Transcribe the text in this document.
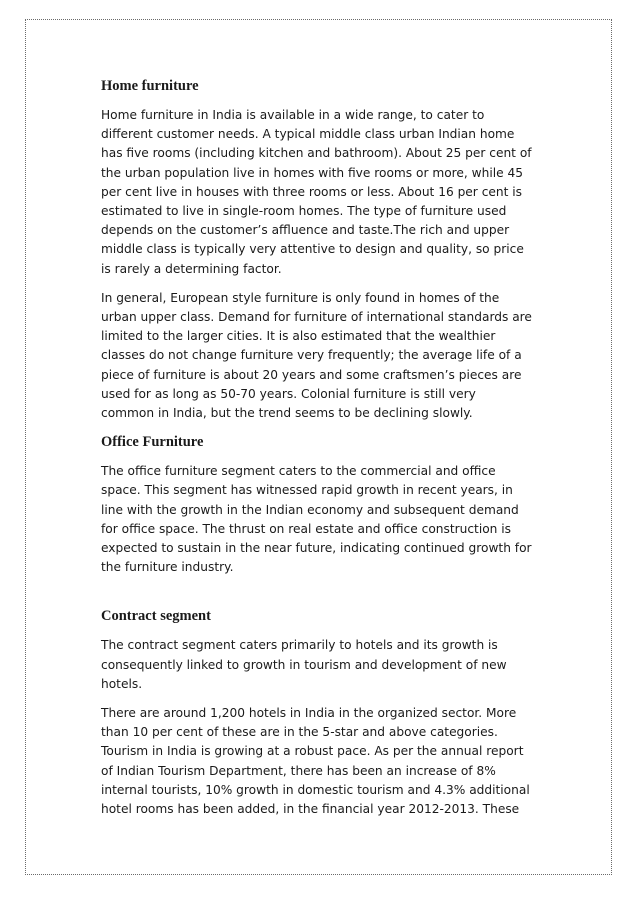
Home furniture

Home furniture in India is available in a wide range, to cater to
different customer needs. A typical middle class urban Indian home
has five rooms (including kitchen and bathroom). About 25 per cent of
the urban population live in homes with five rooms or more, while 45
per cent live in houses with three rooms or less. About 16 per cent is
estimated to live in single-room homes. The type of furniture used
depends on the customer’s affluence and taste.The rich and upper
middle class is typically very attentive to design and quality, so price
is rarely a determining factor.

In general, European style furniture is only found in homes of the
urban upper class. Demand for furniture of international standards are
limited to the larger cities. It is also estimated that the wealthier
classes do not change furniture very frequently; the average life of a
piece of furniture is about 20 years and some craftsmen’s pieces are
used for as long as 50-70 years. Colonial furniture is still very
common in India, but the trend seems to be declining slowly.

Office Furniture

The office furniture segment caters to the commercial and office
space. This segment has witnessed rapid growth in recent years, in
line with the growth in the Indian economy and subsequent demand
for office space. The thrust on real estate and office construction is
expected to sustain in the near future, indicating continued growth for
the furniture industry.

Contract segment

The contract segment caters primarily to hotels and its growth is
consequently linked to growth in tourism and development of new
hotels.

There are around 1,200 hotels in India in the organized sector. More
than 10 per cent of these are in the 5-star and above categories.
Tourism in India is growing at a robust pace. As per the annual report
of Indian Tourism Department, there has been an increase of 8%
internal tourists, 10% growth in domestic tourism and 4.3% additional
hotel rooms has been added, in the financial year 2012-2013. These
